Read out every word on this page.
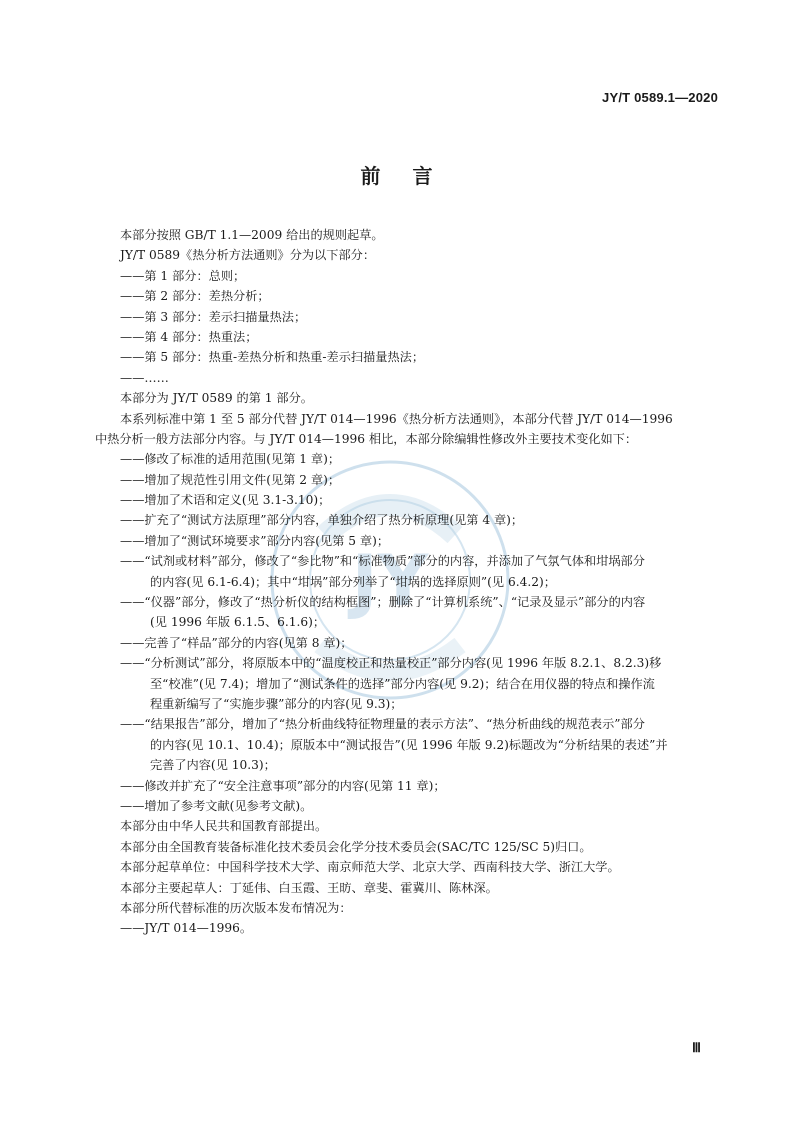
JY/T 0589.1—2020
前言
JY
本部分按照 GB/T 1.1—2009 给出的规则起草。
JY/T 0589《热分析方法通则》分为以下部分：
——第 1 部分：总则；
——第 2 部分：差热分析；
——第 3 部分：差示扫描量热法；
——第 4 部分：热重法；
——第 5 部分：热重-差热分析和热重-差示扫描量热法；
——……
本部分为 JY/T 0589 的第 1 部分。
本系列标准中第 1 至 5 部分代替 JY/T 014—1996《热分析方法通则》，本部分代替 JY/T 014—1996
中热分析一般方法部分内容。与 JY/T 014—1996 相比，本部分除编辑性修改外主要技术变化如下：
——修改了标准的适用范围(见第 1 章)；
——增加了规范性引用文件(见第 2 章)；
——增加了术语和定义(见 3.1-3.10)；
——扩充了“测试方法原理”部分内容，单独介绍了热分析原理(见第 4 章)；
——增加了“测试环境要求”部分内容(见第 5 章)；
——“试剂或材料”部分，修改了“参比物”和“标准物质”部分的内容，并添加了气氛气体和坩埚部分
的内容(见 6.1-6.4)；其中“坩埚”部分列举了“坩埚的选择原则”(见 6.4.2)；
——“仪器”部分，修改了“热分析仪的结构框图”；删除了“计算机系统”、“记录及显示”部分的内容
(见 1996 年版 6.1.5、6.1.6)；
——完善了“样品”部分的内容(见第 8 章)；
——“分析测试”部分，将原版本中的“温度校正和热量校正”部分内容(见 1996 年版 8.2.1、8.2.3)移
至“校准”(见 7.4)；增加了“测试条件的选择”部分内容(见 9.2)；结合在用仪器的特点和操作流
程重新编写了“实施步骤”部分的内容(见 9.3)；
——“结果报告”部分，增加了“热分析曲线特征物理量的表示方法”、“热分析曲线的规范表示”部分
的内容(见 10.1、10.4)；原版本中“测试报告”(见 1996 年版 9.2)标题改为“分析结果的表述”并
完善了内容(见 10.3)；
——修改并扩充了“安全注意事项”部分的内容(见第 11 章)；
——增加了参考文献(见参考文献)。
本部分由中华人民共和国教育部提出。
本部分由全国教育装备标准化技术委员会化学分技术委员会(SAC/TC 125/SC 5)归口。
本部分起草单位：中国科学技术大学、南京师范大学、北京大学、西南科技大学、浙江大学。
本部分主要起草人：丁延伟、白玉霞、王昉、章斐、霍冀川、陈林深。
本部分所代替标准的历次版本发布情况为：
——JY/T 014—1996。
Ⅲ
